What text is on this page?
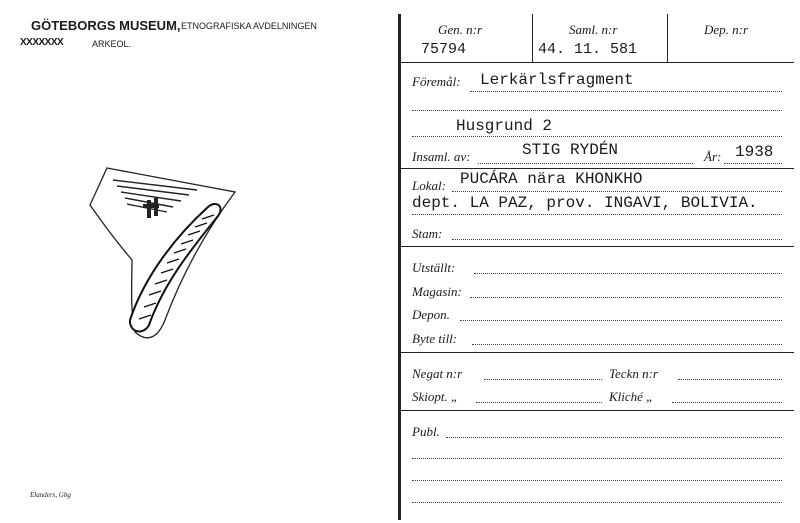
GÖTEBORGS MUSEUM, ETNOGRAFISKA AVDELNINGEN
XXXXXXX	ARKEOL.
Elanders, Gbg
Gen. n:r	Saml. n:r	Dep. n:r
75794	44. 11. 581
Föremål: Lerkärlsfragment
Husgrund 2
Insaml. av:	STIG RYDÉN	År: 1938
Lokal: PUCÁRA nära KHONKHO
dept. LA PAZ, prov. INGAVI, BOLIVIA.
Stam:
Utställt:
Magasin:
Depon.
Byte till:
Negat n:r	Teckn n:r
Skiopt. „	Kliché „
Publ.
